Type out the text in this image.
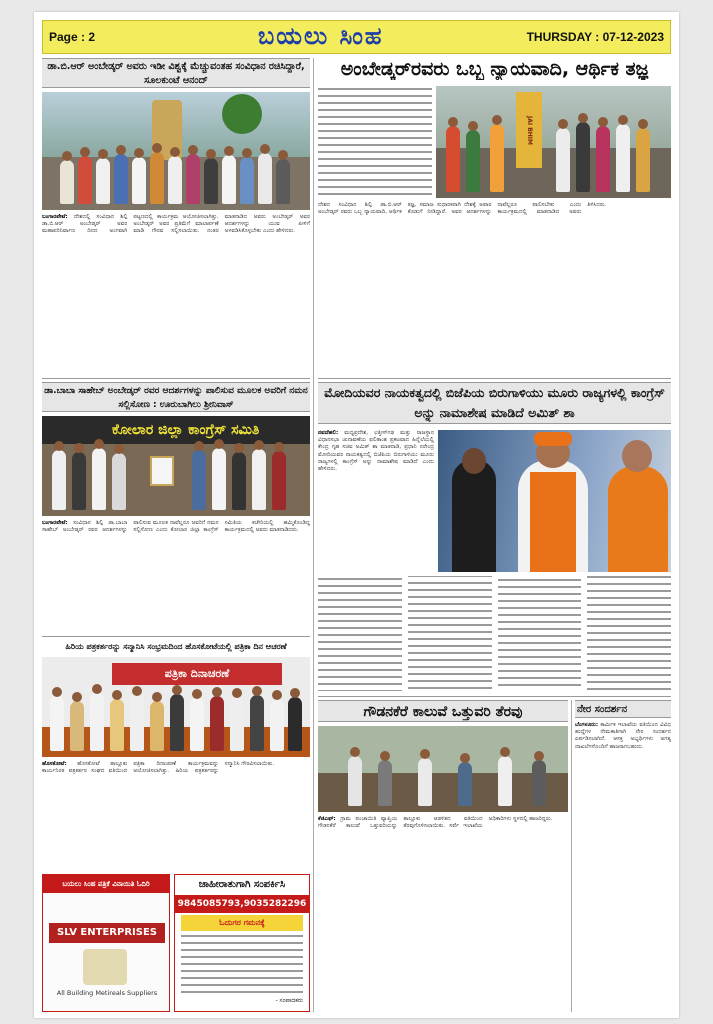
Page : 2	ಬಯಲು ಸಿಂಹ	THURSDAY : 07-12-2023
ಡಾ.ಬಿ.ಆರ್ ಅಂಬೇಡ್ಕರ್ ಅವರು ಇಡೀ ವಿಶ್ವಕ್ಕೆ ಮೆಚ್ಚುವಂತಹ ಸಂವಿಧಾನ ರಚಿಸಿದ್ದಾರೆ, ಸೂಲಕುಂಟೆ ಆನಂದ್
ಬಂಗಾರಪೇಟೆ: ದೇಶದಲ್ಲಿ ಸಂವಿಧಾನ ಶಿಲ್ಪಿ ಡಾ.ಬಿ.ಆರ್ ಅಂಬೇಡ್ಕರ್ ಅವರ ಮಹಾಪರಿನಿರ್ವಾಣ ದಿನದ ಅಂಗವಾಗಿ ಪಟ್ಟಣದಲ್ಲಿ ಕಾರ್ಯಕ್ರಮ ಆಯೋಜಿಸಲಾಗಿತ್ತು. ಅಂಬೇಡ್ಕರ್ ಅವರ ಪ್ರತಿಮೆಗೆ ಮಾಲಾರ್ಪಣೆ ಮಾಡಿ ಗೌರವ ಸಲ್ಲಿಸಲಾಯಿತು. ನಂತರ ಮಾತನಾಡಿದ ಅವರು ಅಂಬೇಡ್ಕರ್ ಅವರ ಆದರ್ಶಗಳನ್ನು ಯುವ ಪೀಳಿಗೆ ಅಳವಡಿಸಿಕೊಳ್ಳಬೇಕು ಎಂದು ಹೇಳಿದರು.
ಡಾ.ಬಾಬಾ ಸಾಹೇಬ್ ಅಂಬೇಡ್ಕರ್ ರವರ ಆದರ್ಶಗಳನ್ನು ಪಾಲಿಸುವ ಮೂಲಕ ಅವರಿಗೆ ನಮನ ಸಲ್ಲಿಸೋಣ : ಊರುಬಾಗಿಲು ಶ್ರೀನಿವಾಸ್
ಕೋಲಾರ ಜಿಲ್ಲಾ ಕಾಂಗ್ರೆಸ್ ಸಮಿತಿ
ಬಂಗಾರಪೇಟೆ: ಸಂವಿಧಾನ ಶಿಲ್ಪಿ ಡಾ.ಬಾಬಾ ಸಾಹೇಬ್ ಅಂಬೇಡ್ಕರ್ ರವರ ಆದರ್ಶಗಳನ್ನು ಪಾಲಿಸುವ ಮೂಲಕ ನಾವೆಲ್ಲರೂ ಅವರಿಗೆ ನಮನ ಸಲ್ಲಿಸೋಣ ಎಂದು ಕೋಲಾರ ಜಿಲ್ಲಾ ಕಾಂಗ್ರೆಸ್ ಸಮಿತಿಯ ಕಚೇರಿಯಲ್ಲಿ ಹಮ್ಮಿಕೊಂಡಿದ್ದ ಕಾರ್ಯಕ್ರಮದಲ್ಲಿ ಅವರು ಮಾತನಾಡಿದರು.
ಹಿರಿಯ ಪತ್ರಕರ್ತರನ್ನು ಸನ್ಮಾನಿಸಿ ಸಂಭ್ರಮದಿಂದ ಹೊಸಕೋಟೆಯಲ್ಲಿ ಪತ್ರಿಕಾ ದಿನ ಆಚರಣೆ
ಪತ್ರಿಕಾ ದಿನಾಚರಣೆ
ಹೊಸಕೋಟೆ: ಹೊಸಕೋಟೆ ತಾಲ್ಲೂಕು ಕಾರ್ಯನಿರತ ಪತ್ರಕರ್ತರ ಸಂಘದ ವತಿಯಿಂದ ಪತ್ರಿಕಾ ದಿನಾಚರಣೆ ಕಾರ್ಯಕ್ರಮವನ್ನು ಆಯೋಜಿಸಲಾಗಿತ್ತು. ಹಿರಿಯ ಪತ್ರಕರ್ತರನ್ನು ಸನ್ಮಾನಿಸಿ ಗೌರವಿಸಲಾಯಿತು.
ಬಯಲು ಸಿಂಹ ಪತ್ರಿಕೆ ವಿನಾಯಿತಿ ಓದಿರಿ
SLV ENTERPRISES
All Building Metireals Suppliers
ಜಾಹೀರಾತುಗಾಗಿ ಸಂಪರ್ಕಿಸಿ
9845085793,9035282296
ಓದುಗರ ಗಮನಕ್ಕೆ
- ಸಂಪಾದಕರು
ಅಂಬೇಡ್ಕರ್‌ರವರು ಒಬ್ಬ ನ್ಯಾಯವಾದಿ, ಆರ್ಥಿಕ ತಜ್ಞ
JAI BHIM
ದೇಶದ ಸಂವಿಧಾನ ಶಿಲ್ಪಿ ಡಾ.ಬಿ.ಆರ್ ಅಂಬೇಡ್ಕರ್ ರವರು ಒಬ್ಬ ನ್ಯಾಯವಾದಿ, ಆರ್ಥಿಕ ತಜ್ಞ, ಸಮಾಜ ಸುಧಾರಕರಾಗಿ ದೇಶಕ್ಕೆ ಅಪಾರ ಕೊಡುಗೆ ನೀಡಿದ್ದಾರೆ. ಅವರ ಆದರ್ಶಗಳನ್ನು ನಾವೆಲ್ಲರೂ ಪಾಲಿಸಬೇಕು ಎಂದು ಕಾರ್ಯಕ್ರಮದಲ್ಲಿ ಮಾತನಾಡಿದ ಅವರು ತಿಳಿಸಿದರು.
ಮೋದಿಯವರ ನಾಯಕತ್ವದಲ್ಲಿ ಬಿಜೆಪಿಯ ಬಿರುಗಾಳಿಯು ಮೂರು ರಾಜ್ಯಗಳಲ್ಲಿ ಕಾಂಗ್ರೆಸ್ ಅನ್ನು ನಾಮಾಶೇಷ ಮಾಡಿದೆ ಅಮಿತ್ ಶಾ
ನವದೆಹಲಿ: ಮಧ್ಯಪ್ರದೇಶ, ಛತ್ತೀಸ್‌ಗಢ ಮತ್ತು ರಾಜಸ್ಥಾನ ವಿಧಾನಸಭಾ ಚುನಾವಣೆಯ ಫಲಿತಾಂಶ ಪ್ರಕಟವಾದ ಹಿನ್ನೆಲೆಯಲ್ಲಿ ಕೇಂದ್ರ ಗೃಹ ಸಚಿವ ಅಮಿತ್ ಶಾ ಮಾತನಾಡಿ, ಪ್ರಧಾನಿ ನರೇಂದ್ರ ಮೋದಿಯವರ ನಾಯಕತ್ವದಲ್ಲಿ ಬಿಜೆಪಿಯ ಬಿರುಗಾಳಿಯು ಮೂರು ರಾಜ್ಯಗಳಲ್ಲಿ ಕಾಂಗ್ರೆಸ್ ಅನ್ನು ನಾಮಾಶೇಷ ಮಾಡಿದೆ ಎಂದು ಹೇಳಿದರು.
ಗೌಡನಕೆರೆ ಕಾಲುವೆ ಒತ್ತುವರಿ ತೆರವು
ಕೆಜಿಎಫ್: ಗ್ರಾಮ ಪಂಚಾಯಿತಿ ವ್ಯಾಪ್ತಿಯ ಗೌಡನಕೆರೆ ಕಾಲುವೆ ಒತ್ತುವರಿಯನ್ನು ತಾಲ್ಲೂಕು ಆಡಳಿತದ ವತಿಯಿಂದ ತೆರವುಗೊಳಿಸಲಾಯಿತು. ಸರ್ವೆ ಇಲಾಖೆಯ ಅಧಿಕಾರಿಗಳು ಸ್ಥಳದಲ್ಲಿ ಹಾಜರಿದ್ದರು.
ನೇರ ಸಂದರ್ಶನ
ಬೆಂಗಳೂರು: ಕಾರ್ಮಿಕ ಇಲಾಖೆಯ ವತಿಯಿಂದ ವಿವಿಧ ಹುದ್ದೆಗಳ ನೇಮಕಾತಿಗಾಗಿ ನೇರ ಸಂದರ್ಶನ ಏರ್ಪಡಿಸಲಾಗಿದೆ. ಆಸಕ್ತ ಅಭ್ಯರ್ಥಿಗಳು ಅಗತ್ಯ ದಾಖಲೆಗಳೊಂದಿಗೆ ಹಾಜರಾಗಬಹುದು.
